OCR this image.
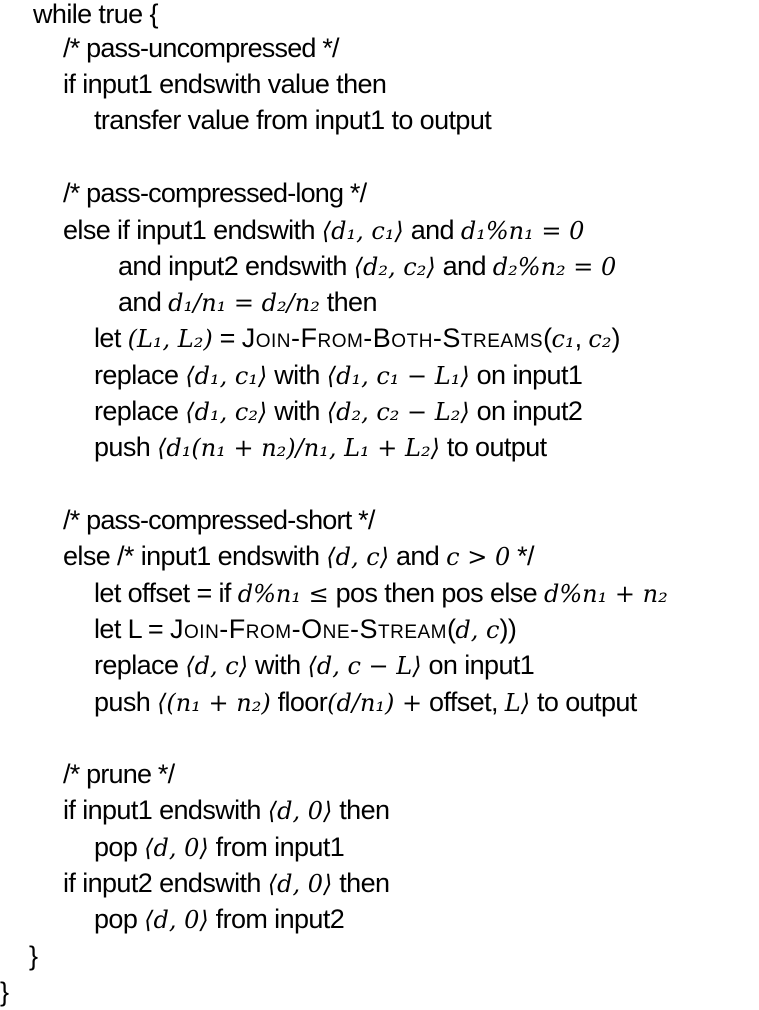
while true {
/* pass-uncompressed */
if input1 endswith value then
transfer value from input1 to output
/* pass-compressed-long */
else if input1 endswith ⟨d₁, c₁⟩ and d₁%n₁ = 0
and input2 endswith ⟨d₂, c₂⟩ and d₂%n₂ = 0
and d₁/n₁ = d₂/n₂ then
let (L₁, L₂) = Join-From-Both-Streams(c₁, c₂)
replace ⟨d₁, c₁⟩ with ⟨d₁, c₁ − L₁⟩ on input1
replace ⟨d₁, c₂⟩ with ⟨d₂, c₂ − L₂⟩ on input2
push ⟨d₁(n₁ + n₂)/n₁, L₁ + L₂⟩ to output
/* pass-compressed-short */
else /* input1 endswith ⟨d, c⟩ and c > 0 */
let offset = if d%n₁ ≤ pos then pos else d%n₁ + n₂
let L = Join-From-One-Stream(d, c))
replace ⟨d, c⟩ with ⟨d, c − L⟩ on input1
push ⟨(n₁ + n₂) floor(d/n₁) + offset, L⟩ to output
/* prune */
if input1 endswith ⟨d, 0⟩ then
pop ⟨d, 0⟩ from input1
if input2 endswith ⟨d, 0⟩ then
pop ⟨d, 0⟩ from input2
}
}
